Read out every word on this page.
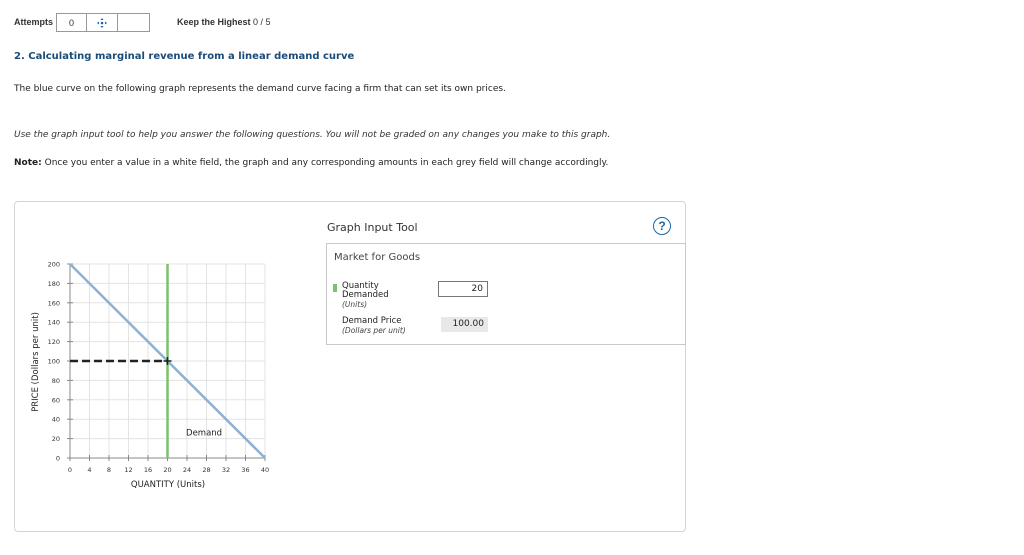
Attempts	0	Keep the Highest 0 / 5
2. Calculating marginal revenue from a linear demand curve
The blue curve on the following graph represents the demand curve facing a firm that can set its own prices.
Use the graph input tool to help you answer the following questions. You will not be graded on any changes you make to this graph.
Note: Once you enter a value in a white field, the graph and any corresponding amounts in each grey field will change accordingly.
0 4 8 12 16 20 24 28 32 36 40
0
20
40
60
80
100
120
140
160
180
200
Demand
QUANTITY (Units)
PRICE (Dollars per unit)
Graph Input Tool	?
Market for Goods
Quantity
Demanded
(Units)
20
Demand Price
(Dollars per unit)
100.00
